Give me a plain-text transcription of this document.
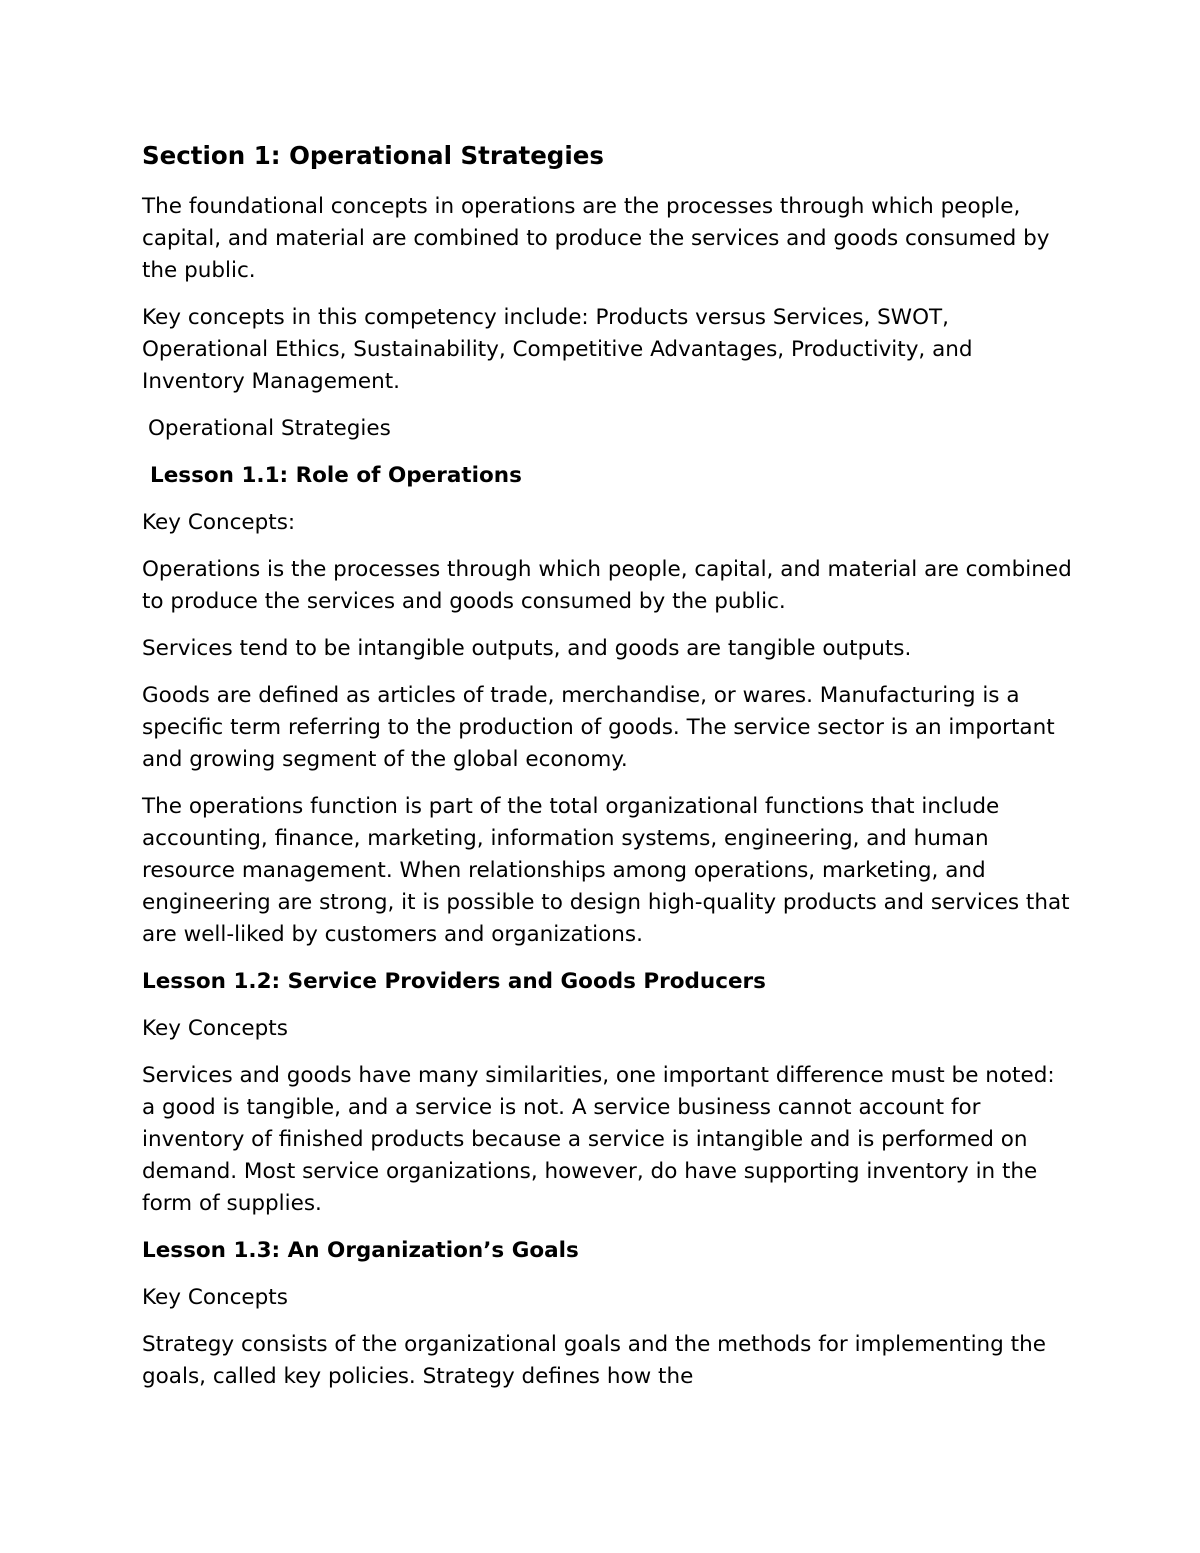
Section 1: Operational Strategies

The foundational concepts in operations are the processes through which people, capital, and material are combined to produce the services and goods consumed by the public.

Key concepts in this competency include: Products versus Services, SWOT, Operational Ethics, Sustainability, Competitive Advantages, Productivity, and Inventory Management.

Operational Strategies

Lesson 1.1: Role of Operations

Key Concepts:

Operations is the processes through which people, capital, and material are combined to produce the services and goods consumed by the public.

Services tend to be intangible outputs, and goods are tangible outputs.

Goods are defined as articles of trade, merchandise, or wares. Manufacturing is a specific term referring to the production of goods. The service sector is an important and growing segment of the global economy.

The operations function is part of the total organizational functions that include accounting, finance, marketing, information systems, engineering, and human resource management. When relationships among operations, marketing, and engineering are strong, it is possible to design high-quality products and services that are well-liked by customers and organizations.

Lesson 1.2: Service Providers and Goods Producers

Key Concepts

Services and goods have many similarities, one important difference must be noted: a good is tangible, and a service is not. A service business cannot account for inventory of finished products because a service is intangible and is performed on demand. Most service organizations, however, do have supporting inventory in the form of supplies.

Lesson 1.3: An Organization’s Goals

Key Concepts

Strategy consists of the organizational goals and the methods for implementing the goals, called key policies. Strategy defines how the
